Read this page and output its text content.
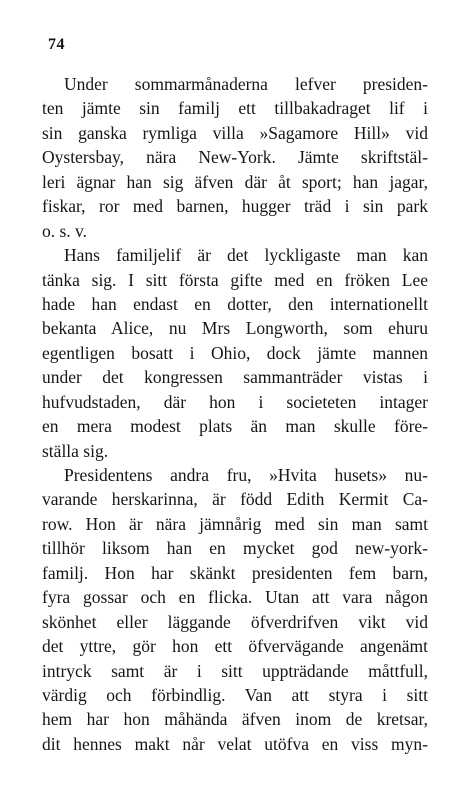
74
Under sommarmånaderna lefver presiden-
ten jämte sin familj ett tillbakadraget lif i
sin ganska rymliga villa »Sagamore Hill» vid
Oystersbay, nära New-York. Jämte skriftstäl-
leri ägnar han sig äfven där åt sport; han jagar,
fiskar, ror med barnen, hugger träd i sin park
o. s. v.
Hans familjelif är det lyckligaste man kan
tänka sig. I sitt första gifte med en fröken Lee
hade han endast en dotter, den internationellt
bekanta Alice, nu Mrs Longworth, som ehuru
egentligen bosatt i Ohio, dock jämte mannen
under det kongressen sammanträder vistas i
hufvudstaden, där hon i societeten intager
en mera modest plats än man skulle före-
ställa sig.
Presidentens andra fru, »Hvita husets» nu-
varande herskarinna, är född Edith Kermit Ca-
row. Hon är nära jämnårig med sin man samt
tillhör liksom han en mycket god new-york-
familj. Hon har skänkt presidenten fem barn,
fyra gossar och en flicka. Utan att vara någon
skönhet eller läggande öfverdrifven vikt vid
det yttre, gör hon ett öfvervägande angenämt
intryck samt är i sitt uppträdande måttfull,
värdig och förbindlig. Van att styra i sitt
hem har hon måhända äfven inom de kretsar,
dit hennes makt når velat utöfva en viss myn-
